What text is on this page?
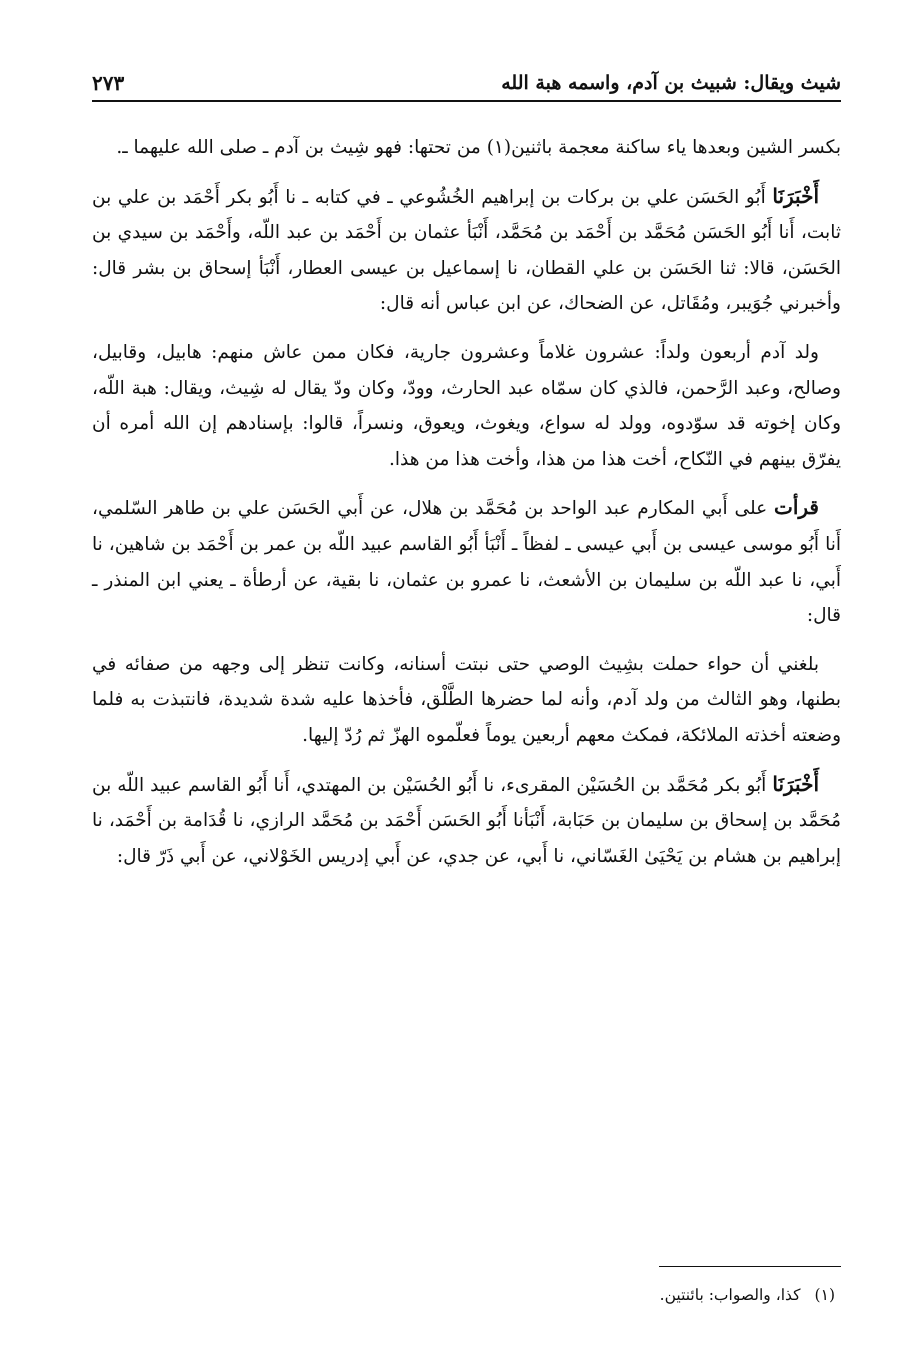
شيث ويقال: شبيث بن آدم، واسمه هبة الله
٢٧٣

بكسر الشين وبعدها ياء ساكنة معجمة باثنين(١) من تحتها: فهو شِيث بن آدم ـ صلى الله عليهما ـ.

أَخْبَرَنَا أَبُو الحَسَن علي بن بركات بن إبراهيم الخُشُوعي ـ في كتابه ـ نا أَبُو بكر أَحْمَد بن علي بن ثابت، أَنا أَبُو الحَسَن مُحَمَّد بن أَحْمَد بن مُحَمَّد، أَنْبَأ عثمان بن أَحْمَد بن عبد اللّه، وأَحْمَد بن سيدي بن الحَسَن، قالا: ثنا الحَسَن بن علي القطان، نا إسماعيل بن عيسى العطار، أَنْبَأ إسحاق بن بشر قال: وأخبرني جُوَيبر، ومُقَاتل، عن الضحاك، عن ابن عباس أنه قال:

ولد آدم أربعون ولداً: عشرون غلاماً وعشرون جارية، فكان ممن عاش منهم: هابيل، وقابيل، وصالح، وعبد الرَّحمن، فالذي كان سمّاه عبد الحارث، وودّ، وكان ودّ يقال له شِيث، ويقال: هبة اللّه، وكان إخوته قد سوّدوه، وولد له سواع، ويغوث، ويعوق، ونسراً، قالوا: بإسنادهم إن الله أمره أن يفرّق بينهم في النّكاح، أخت هذا من هذا، وأخت هذا من هذا.

قرأت على أَبي المكارم عبد الواحد بن مُحَمَّد بن هلال، عن أَبي الحَسَن علي بن طاهر السّلمي، أَنا أَبُو موسى عيسى بن أَبي عيسى ـ لفظاً ـ أَنْبَأ أَبُو القاسم عبيد اللّه بن عمر بن أَحْمَد بن شاهين، نا أَبي، نا عبد اللّه بن سليمان بن الأشعث، نا عمرو بن عثمان، نا بقية، عن أرطأة ـ يعني ابن المنذر ـ قال:

بلغني أن حواء حملت بشِيث الوصي حتى نبتت أسنانه، وكانت تنظر إلى وجهه من صفائه في بطنها، وهو الثالث من ولد آدم، وأنه لما حضرها الطَّلْق، فأخذها عليه شدة شديدة، فانتبذت به فلما وضعته أخذته الملائكة، فمكث معهم أربعين يوماً فعلّموه الهزّ ثم رُدّ إليها.

أَخْبَرَنَا أَبُو بكر مُحَمَّد بن الحُسَيْن المقرىء، نا أَبُو الحُسَيْن بن المهتدي، أَنا أَبُو القاسم عبيد اللّه بن مُحَمَّد بن إسحاق بن سليمان بن حَبَابة، أَنْبَأنا أَبُو الحَسَن أَحْمَد بن مُحَمَّد الرازي، نا قُدَامة بن أَحْمَد، نا إبراهيم بن هشام بن يَحْيَىٰ الغَسّاني، نا أَبي، عن جدي، عن أَبي إدريس الخَوْلاني، عن أَبي ذَرّ قال:

(١)كذا، والصواب: بائنتين.
